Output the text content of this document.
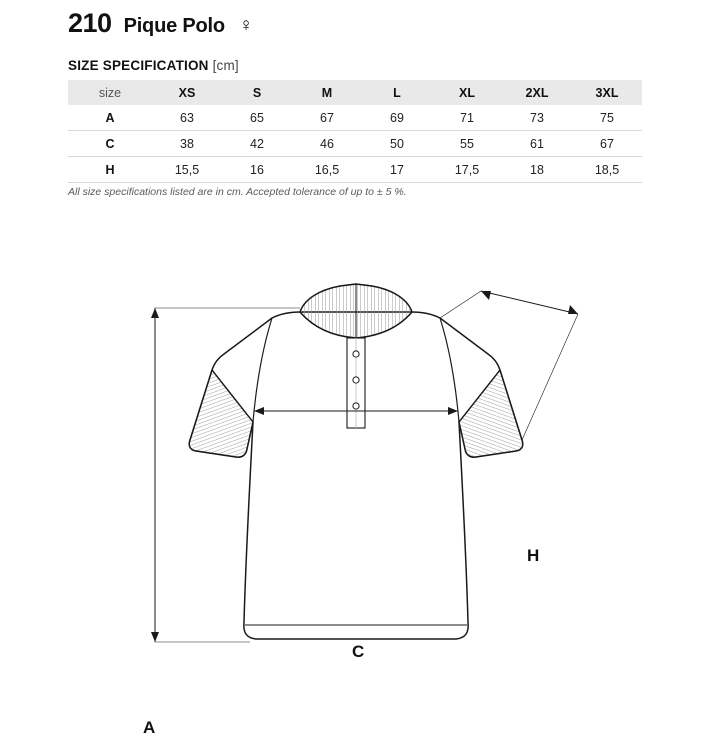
210 Pique Polo ♀
SIZE SPECIFICATION [cm]
size	XS	S	M	L	XL	2XL	3XL
A	63	65	67	69	71	73	75
C	38	42	46	50	55	61	67
H	15,5	16	16,5	17	17,5	18	18,5
All size specifications listed are in cm. Accepted tolerance of up to ± 5 %.
A
C
H
